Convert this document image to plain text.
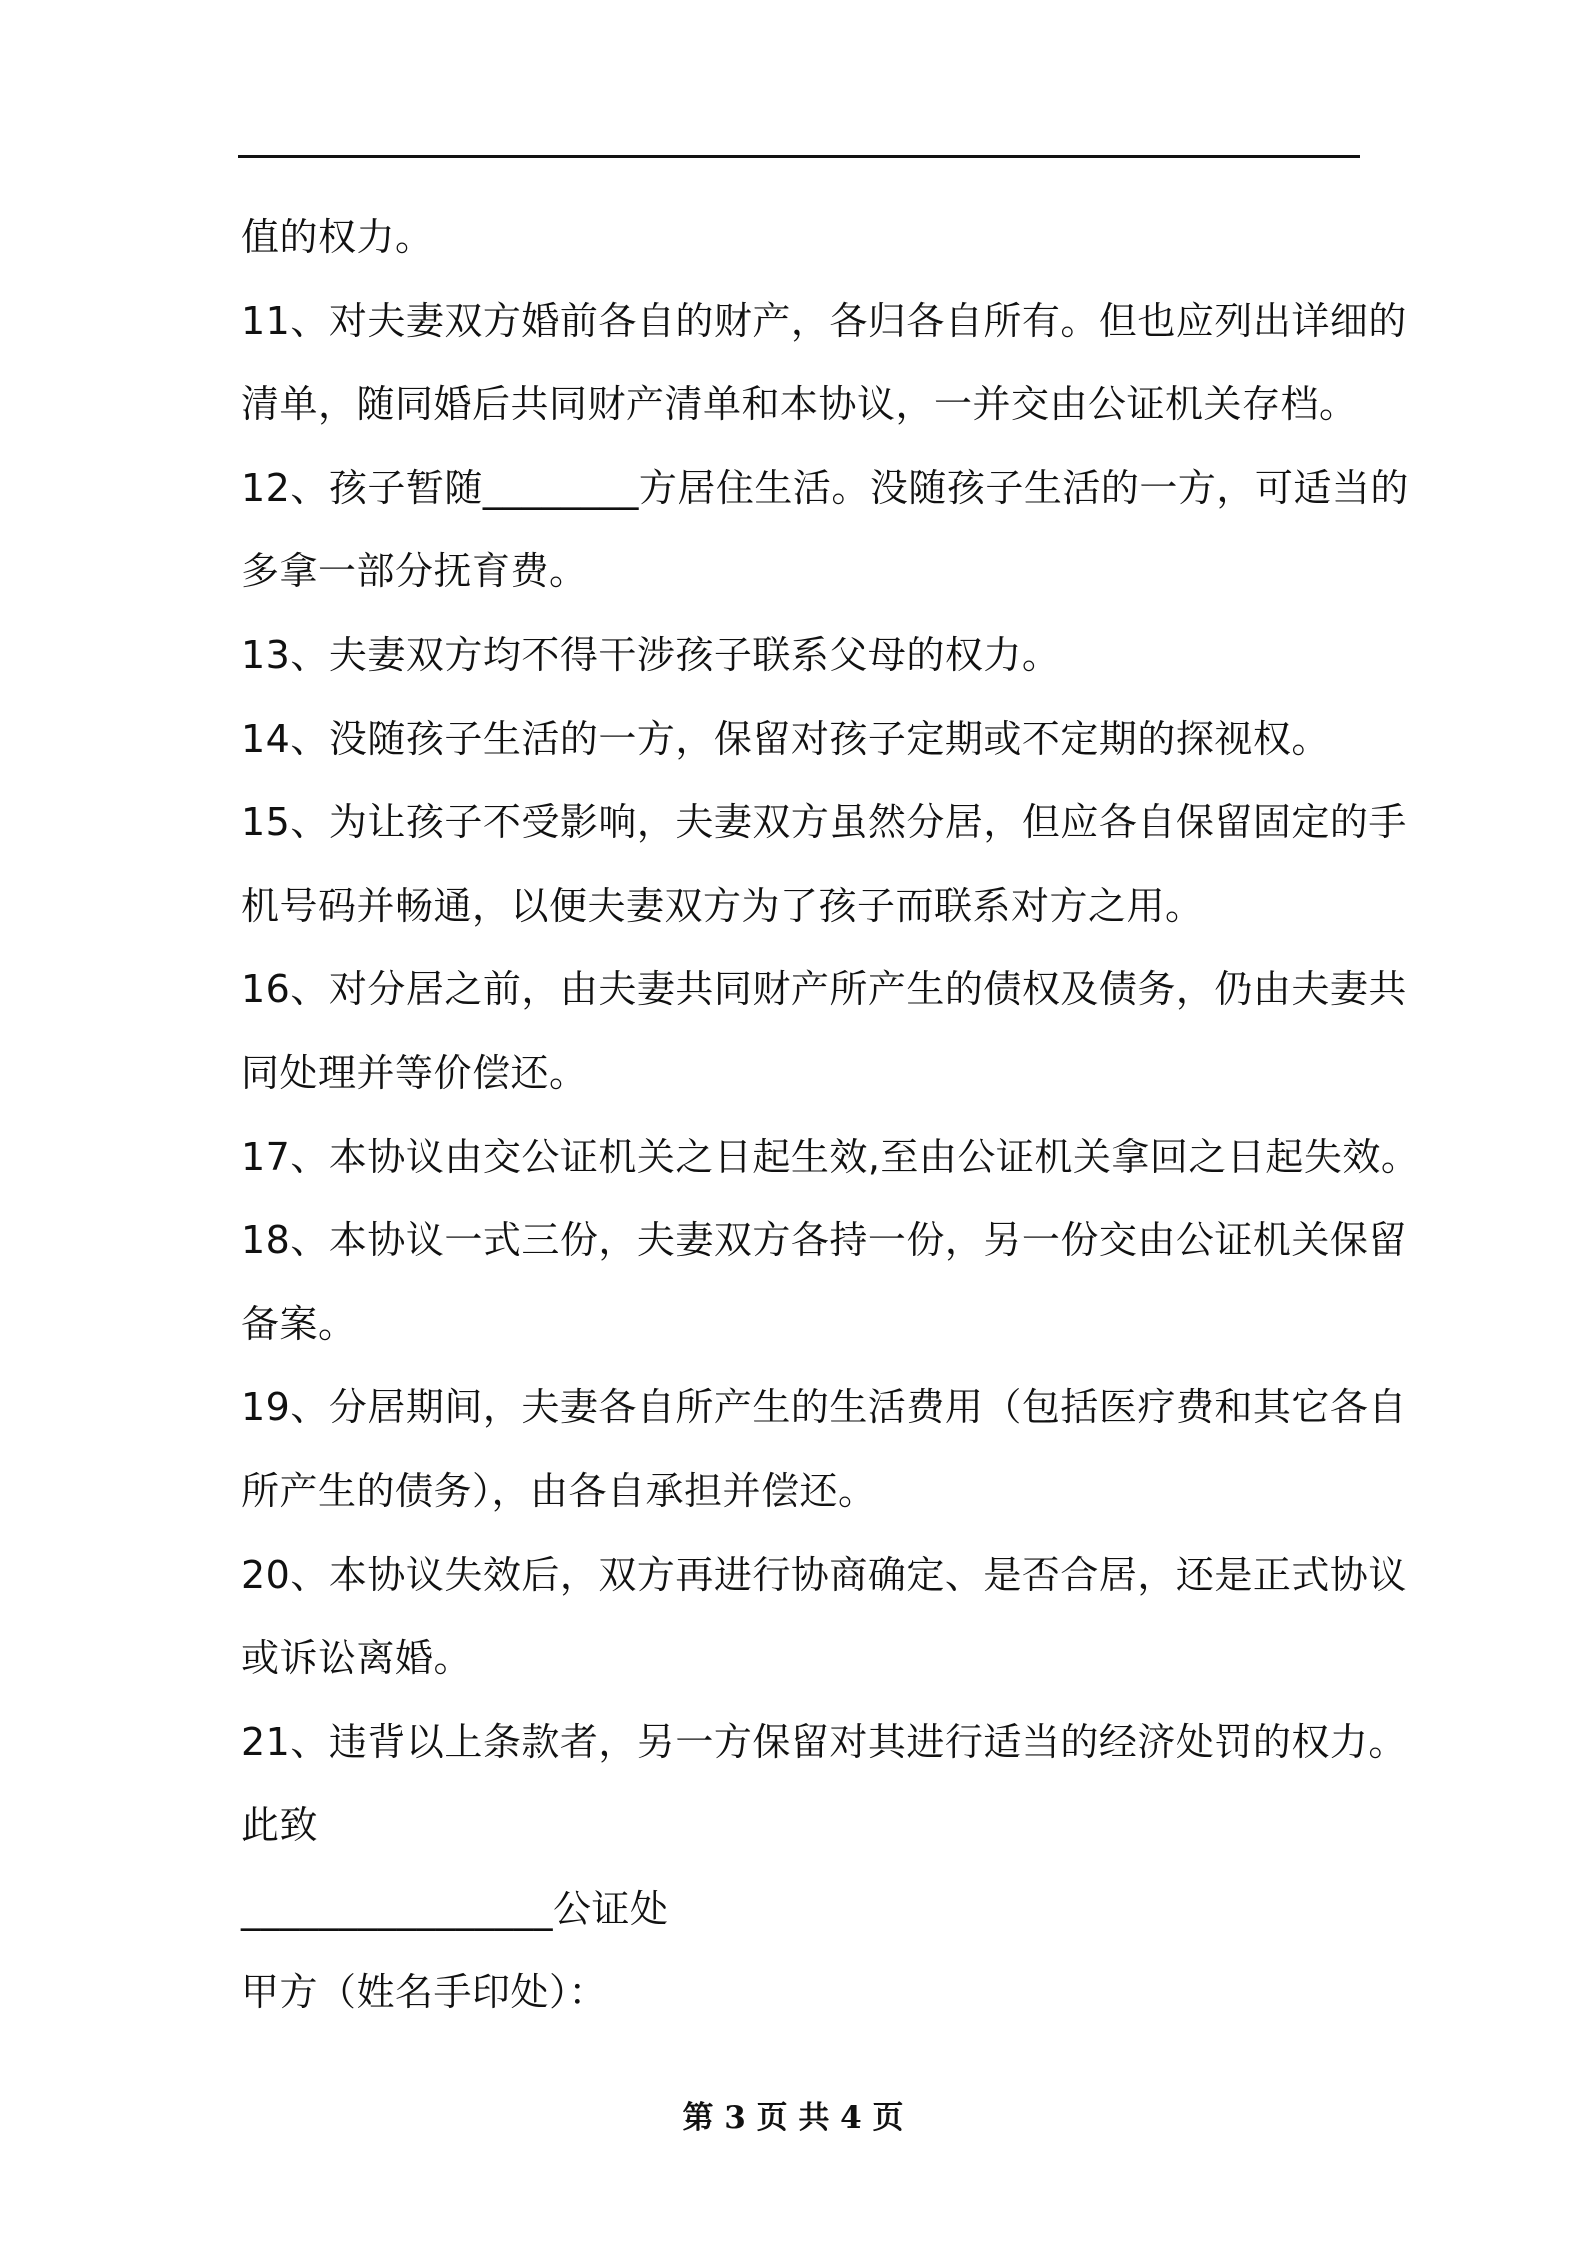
值的权力。
11、对夫妻双方婚前各自的财产，各归各自所有。但也应列出详细的
清单，随同婚后共同财产清单和本协议，一并交由公证机关存档。
12、孩子暂随________方居住生活。没随孩子生活的一方，可适当的
多拿一部分抚育费。
13、夫妻双方均不得干涉孩子联系父母的权力。
14、没随孩子生活的一方，保留对孩子定期或不定期的探视权。
15、为让孩子不受影响，夫妻双方虽然分居，但应各自保留固定的手
机号码并畅通，以便夫妻双方为了孩子而联系对方之用。
16、对分居之前，由夫妻共同财产所产生的债权及债务，仍由夫妻共
同处理并等价偿还。
17、本协议由交公证机关之日起生效,至由公证机关拿回之日起失效。
18、本协议一式三份，夫妻双方各持一份，另一份交由公证机关保留
备案。
19、分居期间，夫妻各自所产生的生活费用（包括医疗费和其它各自
所产生的债务），由各自承担并偿还。
20、本协议失效后，双方再进行协商确定、是否合居，还是正式协议
或诉讼离婚。
21、违背以上条款者，另一方保留对其进行适当的经济处罚的权力。
此致
________________公证处
甲方（姓名手印处）：
第 3 页 共 4 页
